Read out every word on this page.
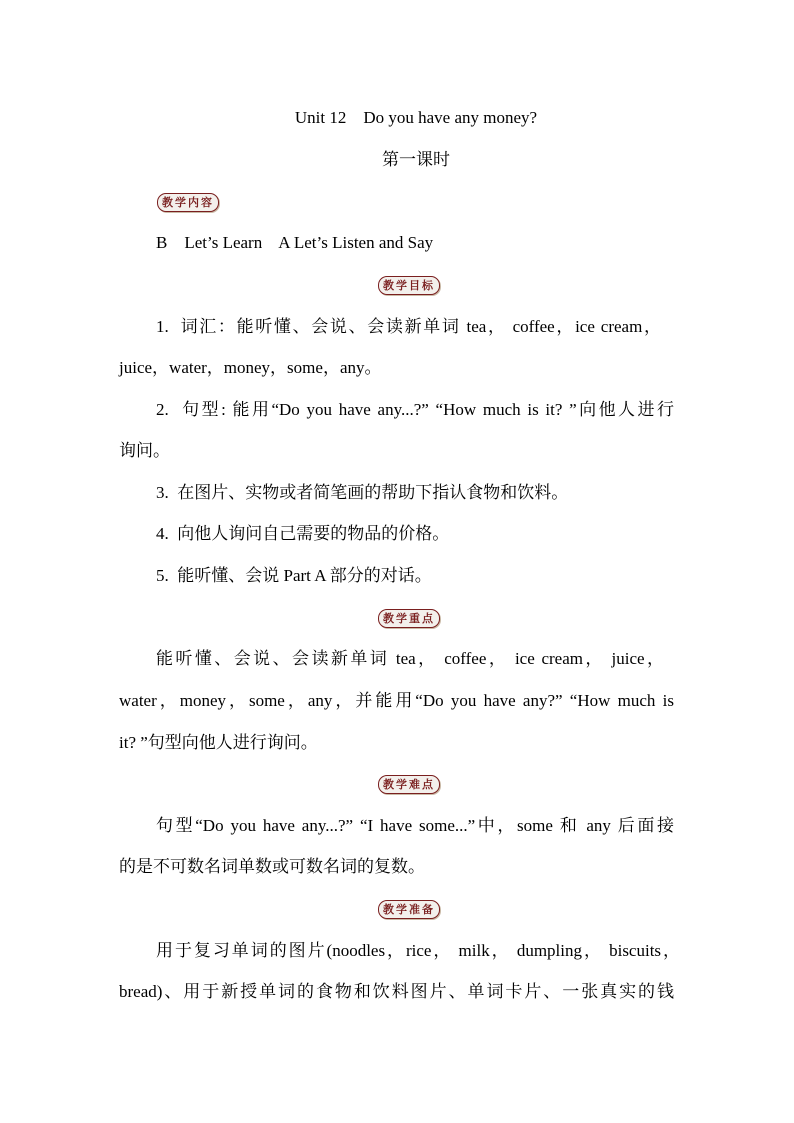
Unit 12    Do you have any money?
第一课时
教学内容
B    Let’s Learn    A Let’s Listen and Say
教学目标
1.  词汇：能听懂、会说、会读新单词 tea， coffee，ice cream，
juice，water，money，some，any。
2.  句型: 能用“Do you have any...?” “How much is it? ”向他人进行
询问。
3.  在图片、实物或者简笔画的帮助下指认食物和饮料。
4.  向他人询问自己需要的物品的价格。
5.  能听懂、会说 Part A 部分的对话。
教学重点
能听懂、会说、会读新单词 tea， coffee， ice cream， juice，
water，money，some，any，并能用“Do you have any?” “How much is
it? ”句型向他人进行询问。
教学难点
句型“Do you have any...?” “I have some...”中，some 和 any 后面接
的是不可数名词单数或可数名词的复数。
教学准备
用于复习单词的图片(noodles，rice， milk， dumpling， biscuits，
bread)、用于新授单词的食物和饮料图片、单词卡片、一张真实的钱
